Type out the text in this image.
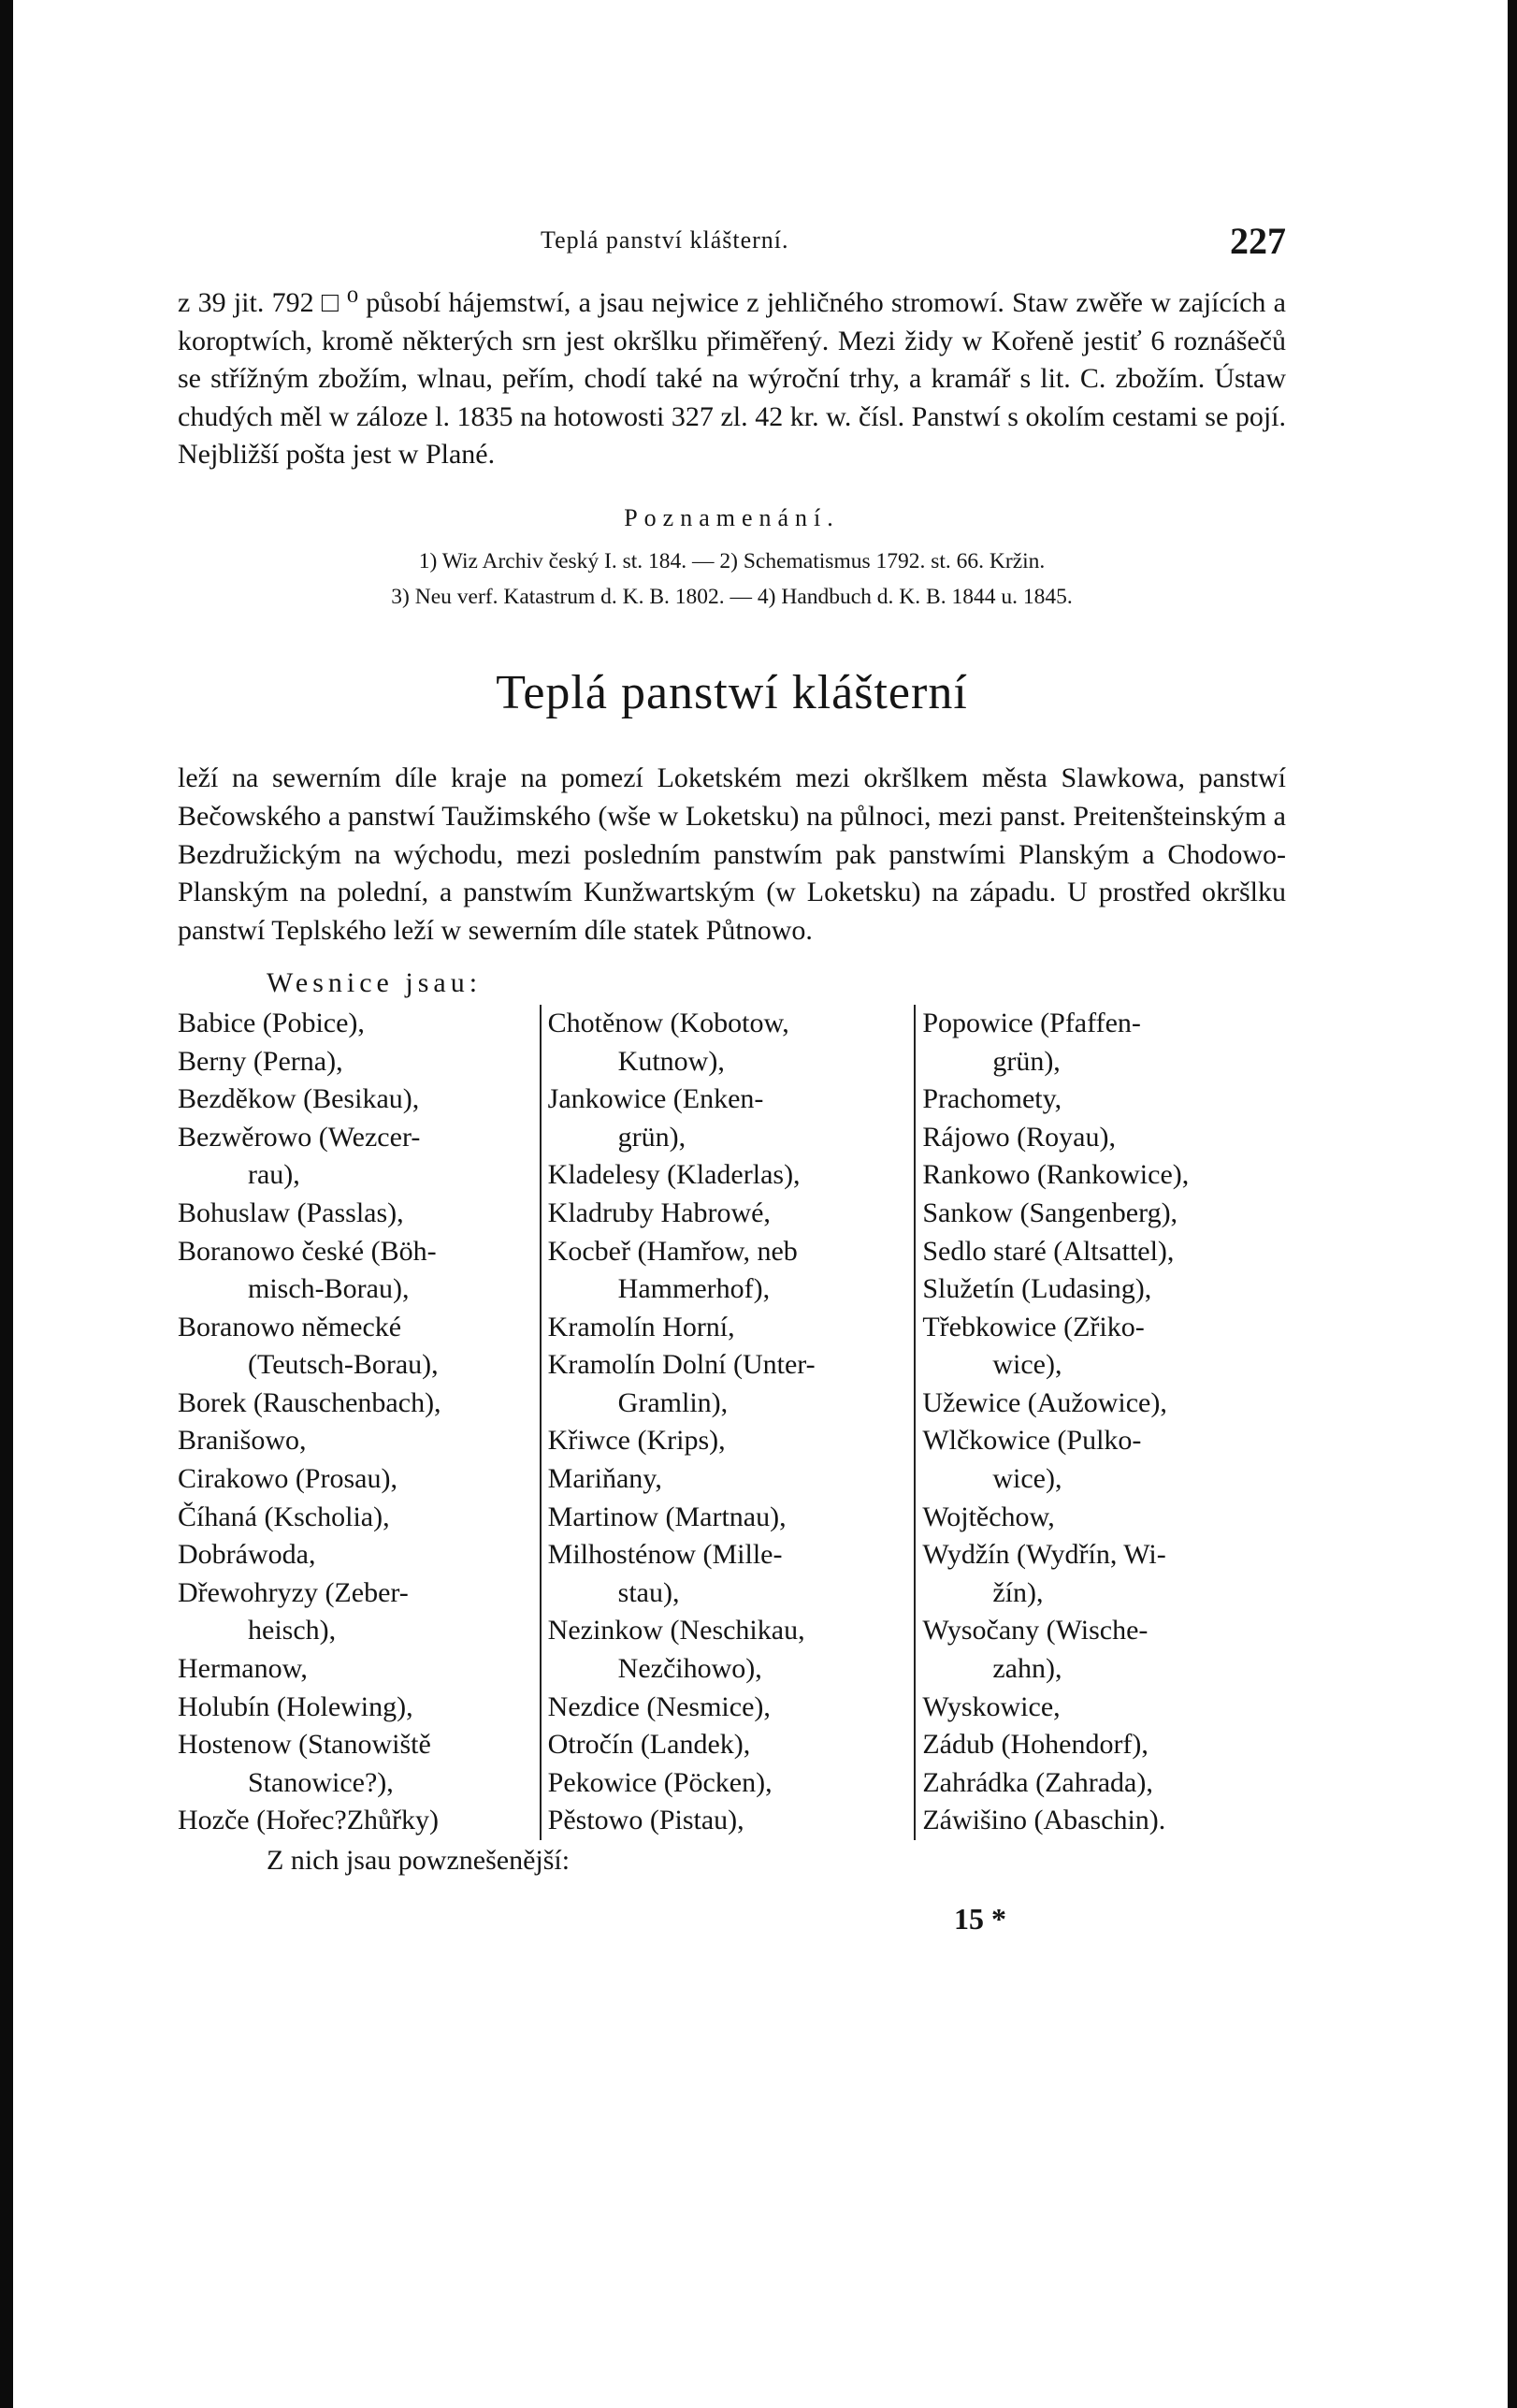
Teplá panství klášterní.	227
z 39 jit. 792 □ ⁰ působí hájemstwí, a jsau nejwice z jehličného stromowí. Staw zwěře w zajících a koroptwích, kromě některých srn jest okršlku přiměřený. Mezi židy w Kořeně jestiť 6 roznášečů se střížným zbožím, wlnau, peřím, chodí také na wýroční trhy, a kramář s lit. C. zbožím. Ústaw chudých měl w záloze l. 1835 na hotowosti 327 zl. 42 kr. w. čísl. Panstwí s okolím cestami se pojí. Nejbližší pošta jest w Plané.
Poznamenání.
1) Wiz Archiv český I. st. 184. — 2) Schematismus 1792. st. 66. Kržin.
3) Neu verf. Katastrum d. K. B. 1802. — 4) Handbuch d. K. B. 1844 u. 1845.
Teplá panstwí klášterní
leží na sewerním díle kraje na pomezí Loketském mezi okršlkem města Slawkowa, panstwí Bečowského a panstwí Taužimského (wše w Loketsku) na půlnoci, mezi panst. Preitenšteinským a Bezdružickým na wýchodu, mezi posledním panstwím pak panstwími Planským a Chodowo-Planským na polední, a panstwím Kunžwartským (w Loketsku) na západu. U prostřed okršlku panstwí Teplského leží w sewerním díle statek Půtnowo.
Wesnice jsau:
Babice (Pobice),
Berny (Perna),
Bezděkow (Besikau),
Bezwěrowo (Wezcer-
rau),
Bohuslaw (Passlas),
Boranowo české (Böh-
misch-Borau),
Boranowo německé
(Teutsch-Borau),
Borek (Rauschenbach),
Branišowo,
Cirakowo (Prosau),
Číhaná (Kscholia),
Dobráwoda,
Dřewohryzy (Zeber-
heisch),
Hermanow,
Holubín (Holewing),
Hostenow (Stanowiště
Stanowice?),
Hozče (Hořec?Zhůřky)
Chotěnow (Kobotow,
Kutnow),
Jankowice (Enken-
grün),
Kladelesy (Kladerlas),
Kladruby Habrowé,
Kocbeř (Hamřow, neb
Hammerhof),
Kramolín Horní,
Kramolín Dolní (Unter-
Gramlin),
Křiwce (Krips),
Mariňany,
Martinow (Martnau),
Milhosténow (Mille-
stau),
Nezinkow (Neschikau,
Nezčihowo),
Nezdice (Nesmice),
Otročín (Landek),
Pekowice (Pöcken),
Pěstowo (Pistau),
Popowice (Pfaffen-
grün),
Prachomety,
Rájowo (Royau),
Rankowo (Rankowice),
Sankow (Sangenberg),
Sedlo staré (Altsattel),
Služetín (Ludasing),
Třebkowice (Zřiko-
wice),
Užewice (Aužowice),
Wlčkowice (Pulko-
wice),
Wojtěchow,
Wydžín (Wydřín, Wi-
žín),
Wysočany (Wische-
zahn),
Wyskowice,
Zádub (Hohendorf),
Zahrádka (Zahrada),
Záwišino (Abaschin).
Z nich jsau powznešenější:
15 *
